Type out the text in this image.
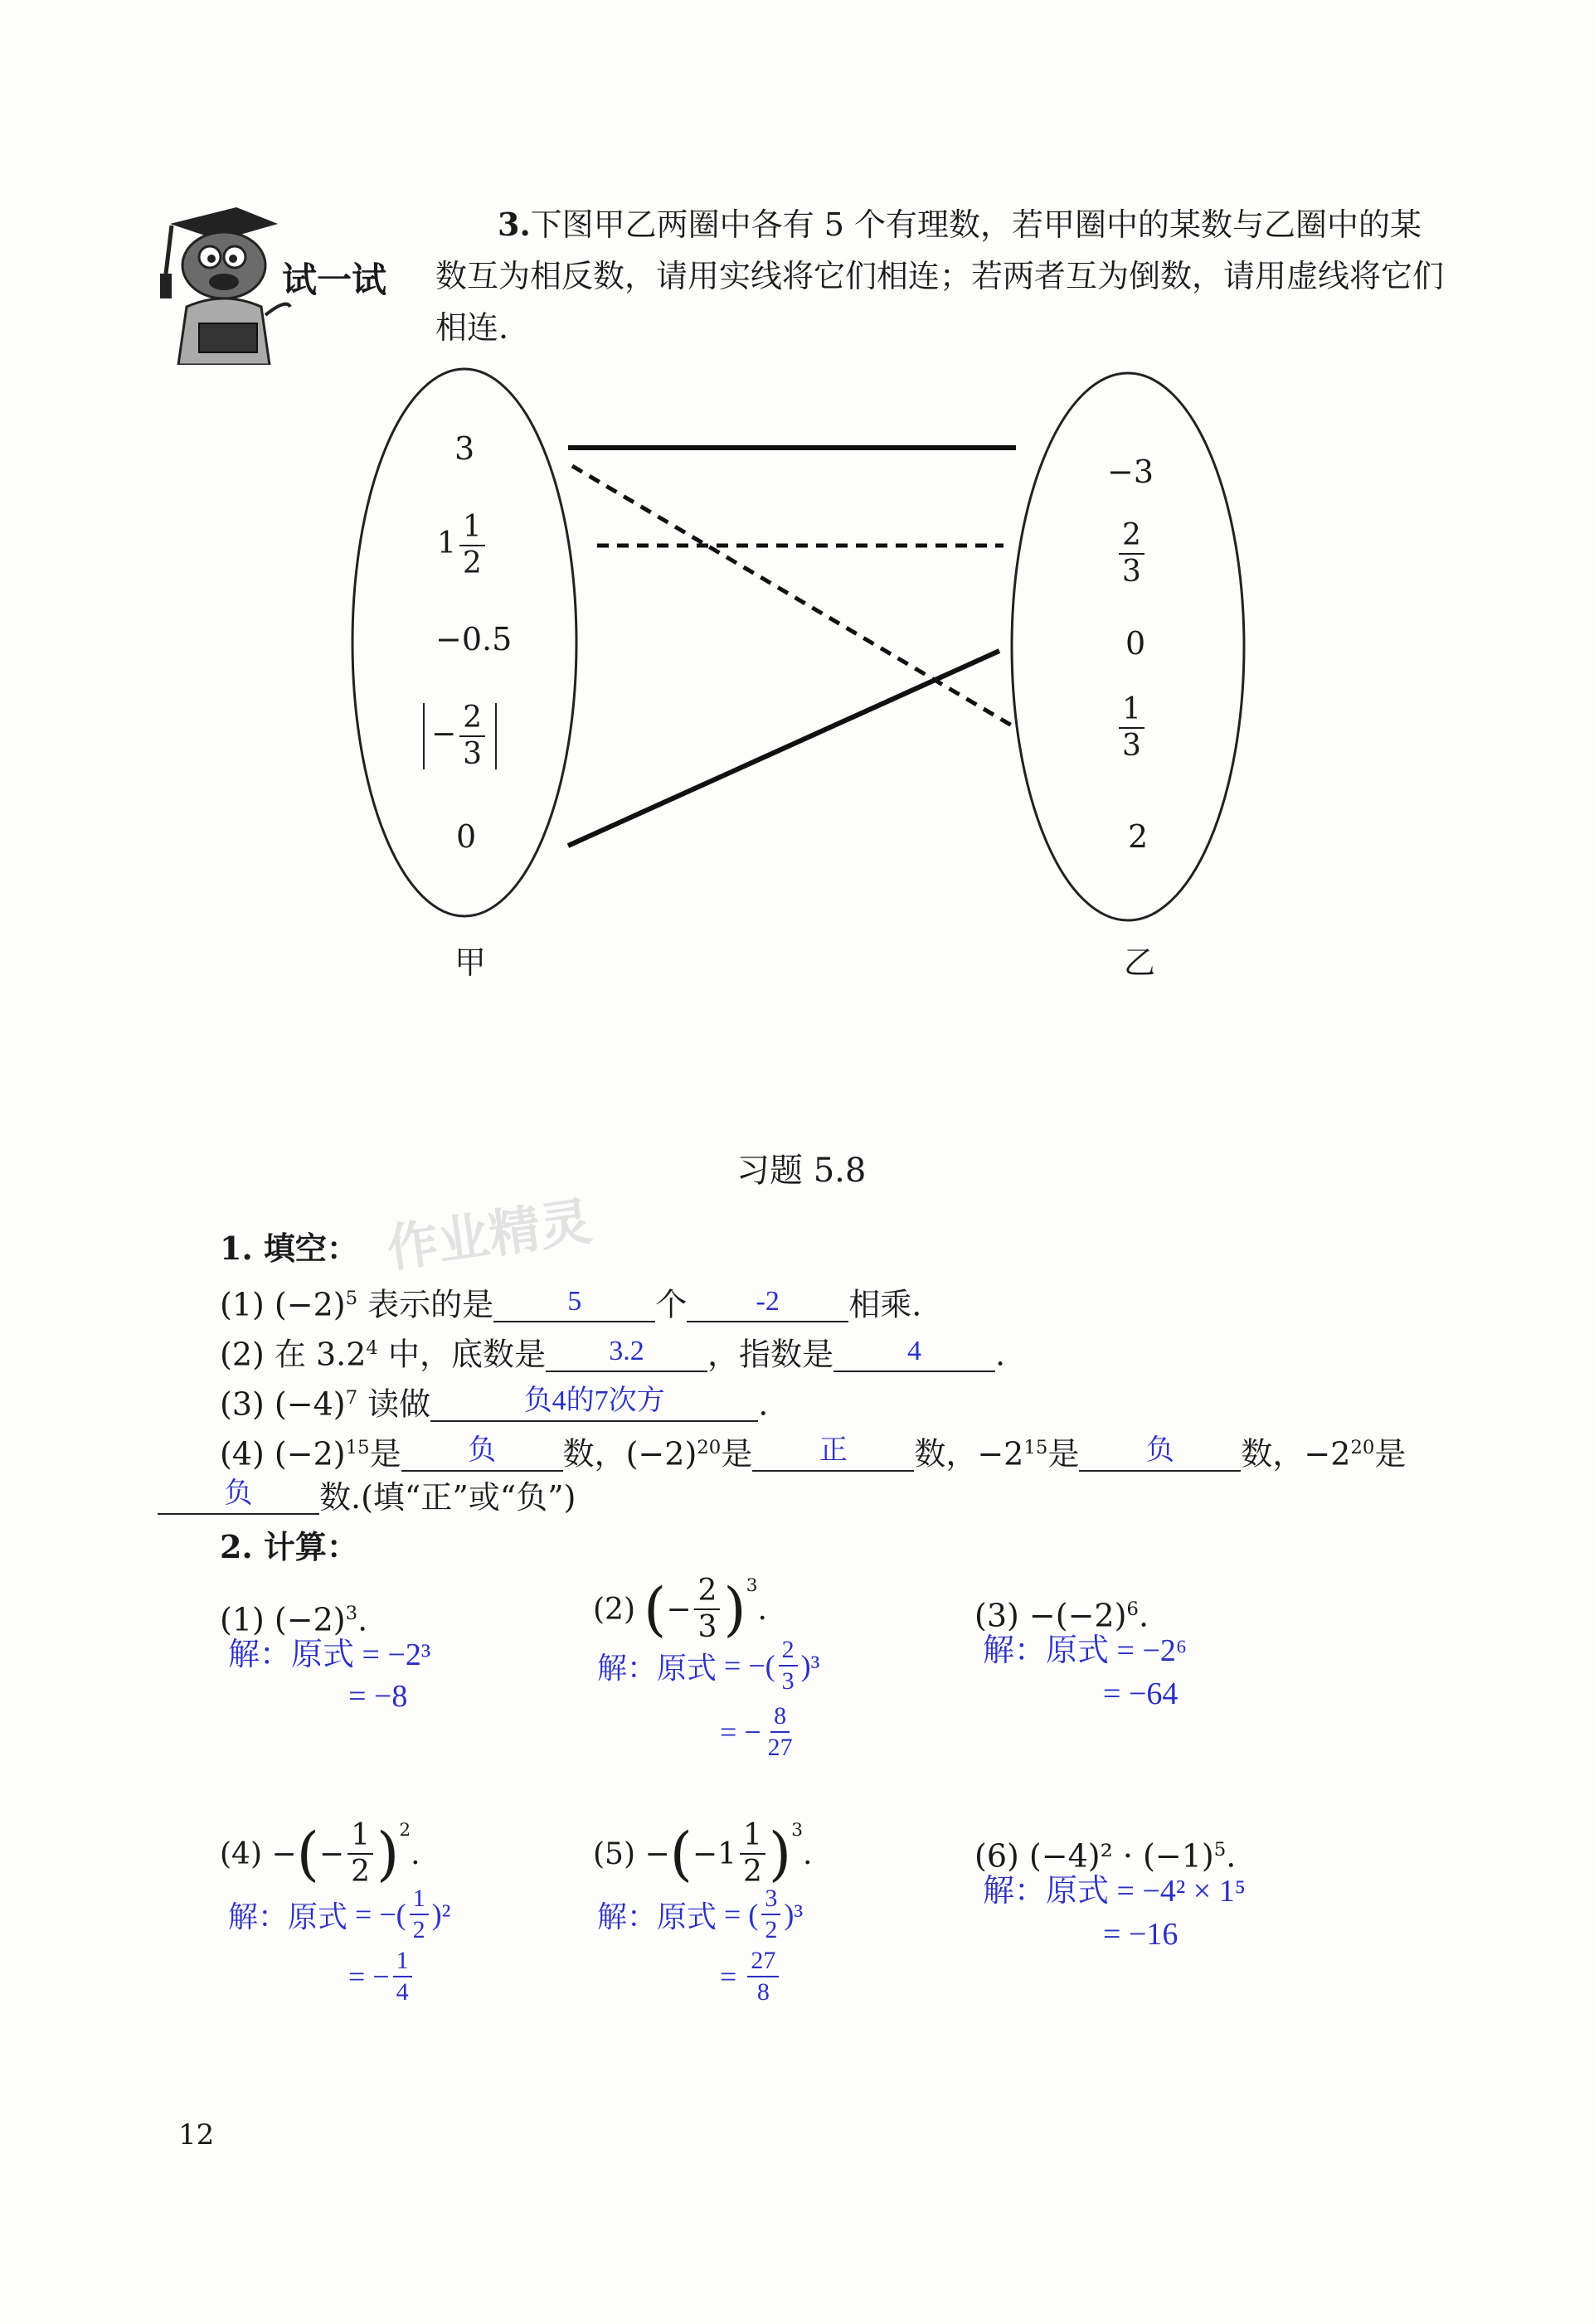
试一试
3.下图甲乙两圈中各有 5 个有理数，若甲圈中的某数与乙圈中的某
数互为相反数，请用实线将它们相连；若两者互为倒数，请用虚线将它们
相连.
3
$1 \frac{1}{2}$
−0.5
− $\frac{2}{3}$
0
甲
−3
$\frac{2}{3}$
0
$\frac{1}{3}$
2
乙
习题 5.8
作业精灵
1. 填空：
(1) $(-2)^5$ 表示的是	5	个	-2	相乘.
(2) 在 $3.2^4$ 中，底数是	3.2	，指数是	4	.
(3) $(-4)^7$ 读做	负4的7次方	.
(4) $(-2)^{15}$是	负	数，$(-2)^{20}$是	正	数，$-2^{15}$是	负	数，$-2^{20}$是
负	数.(填“正”或“负”)
2. 计算：
(1) $(-2)^3$.
解：原式 = −2³
= −8
(2) ( − $\frac{2}{3} )^3$
.
解：原式
=
−( $\frac{2}{3} )^3$
=
− $\frac{8}{27}$
$(3) -(-2)^6$.
解：原式 = −2⁶
= −64
(4) − ( − $\frac{1}{2} )^2$
.
解：原式
=
−( $\frac{1}{2} )^2$
=
− $\frac{1}{4}$
(5) − ( − $1 \frac{1}{2} )^3$
.
解：原式
=
( $\frac{3}{2} )^3$
=
$\frac{27}{8}$
(6) $(-4)^2 \cdot (-1)^5$.
解：原式 = −4² × 1⁵
= −16
12
